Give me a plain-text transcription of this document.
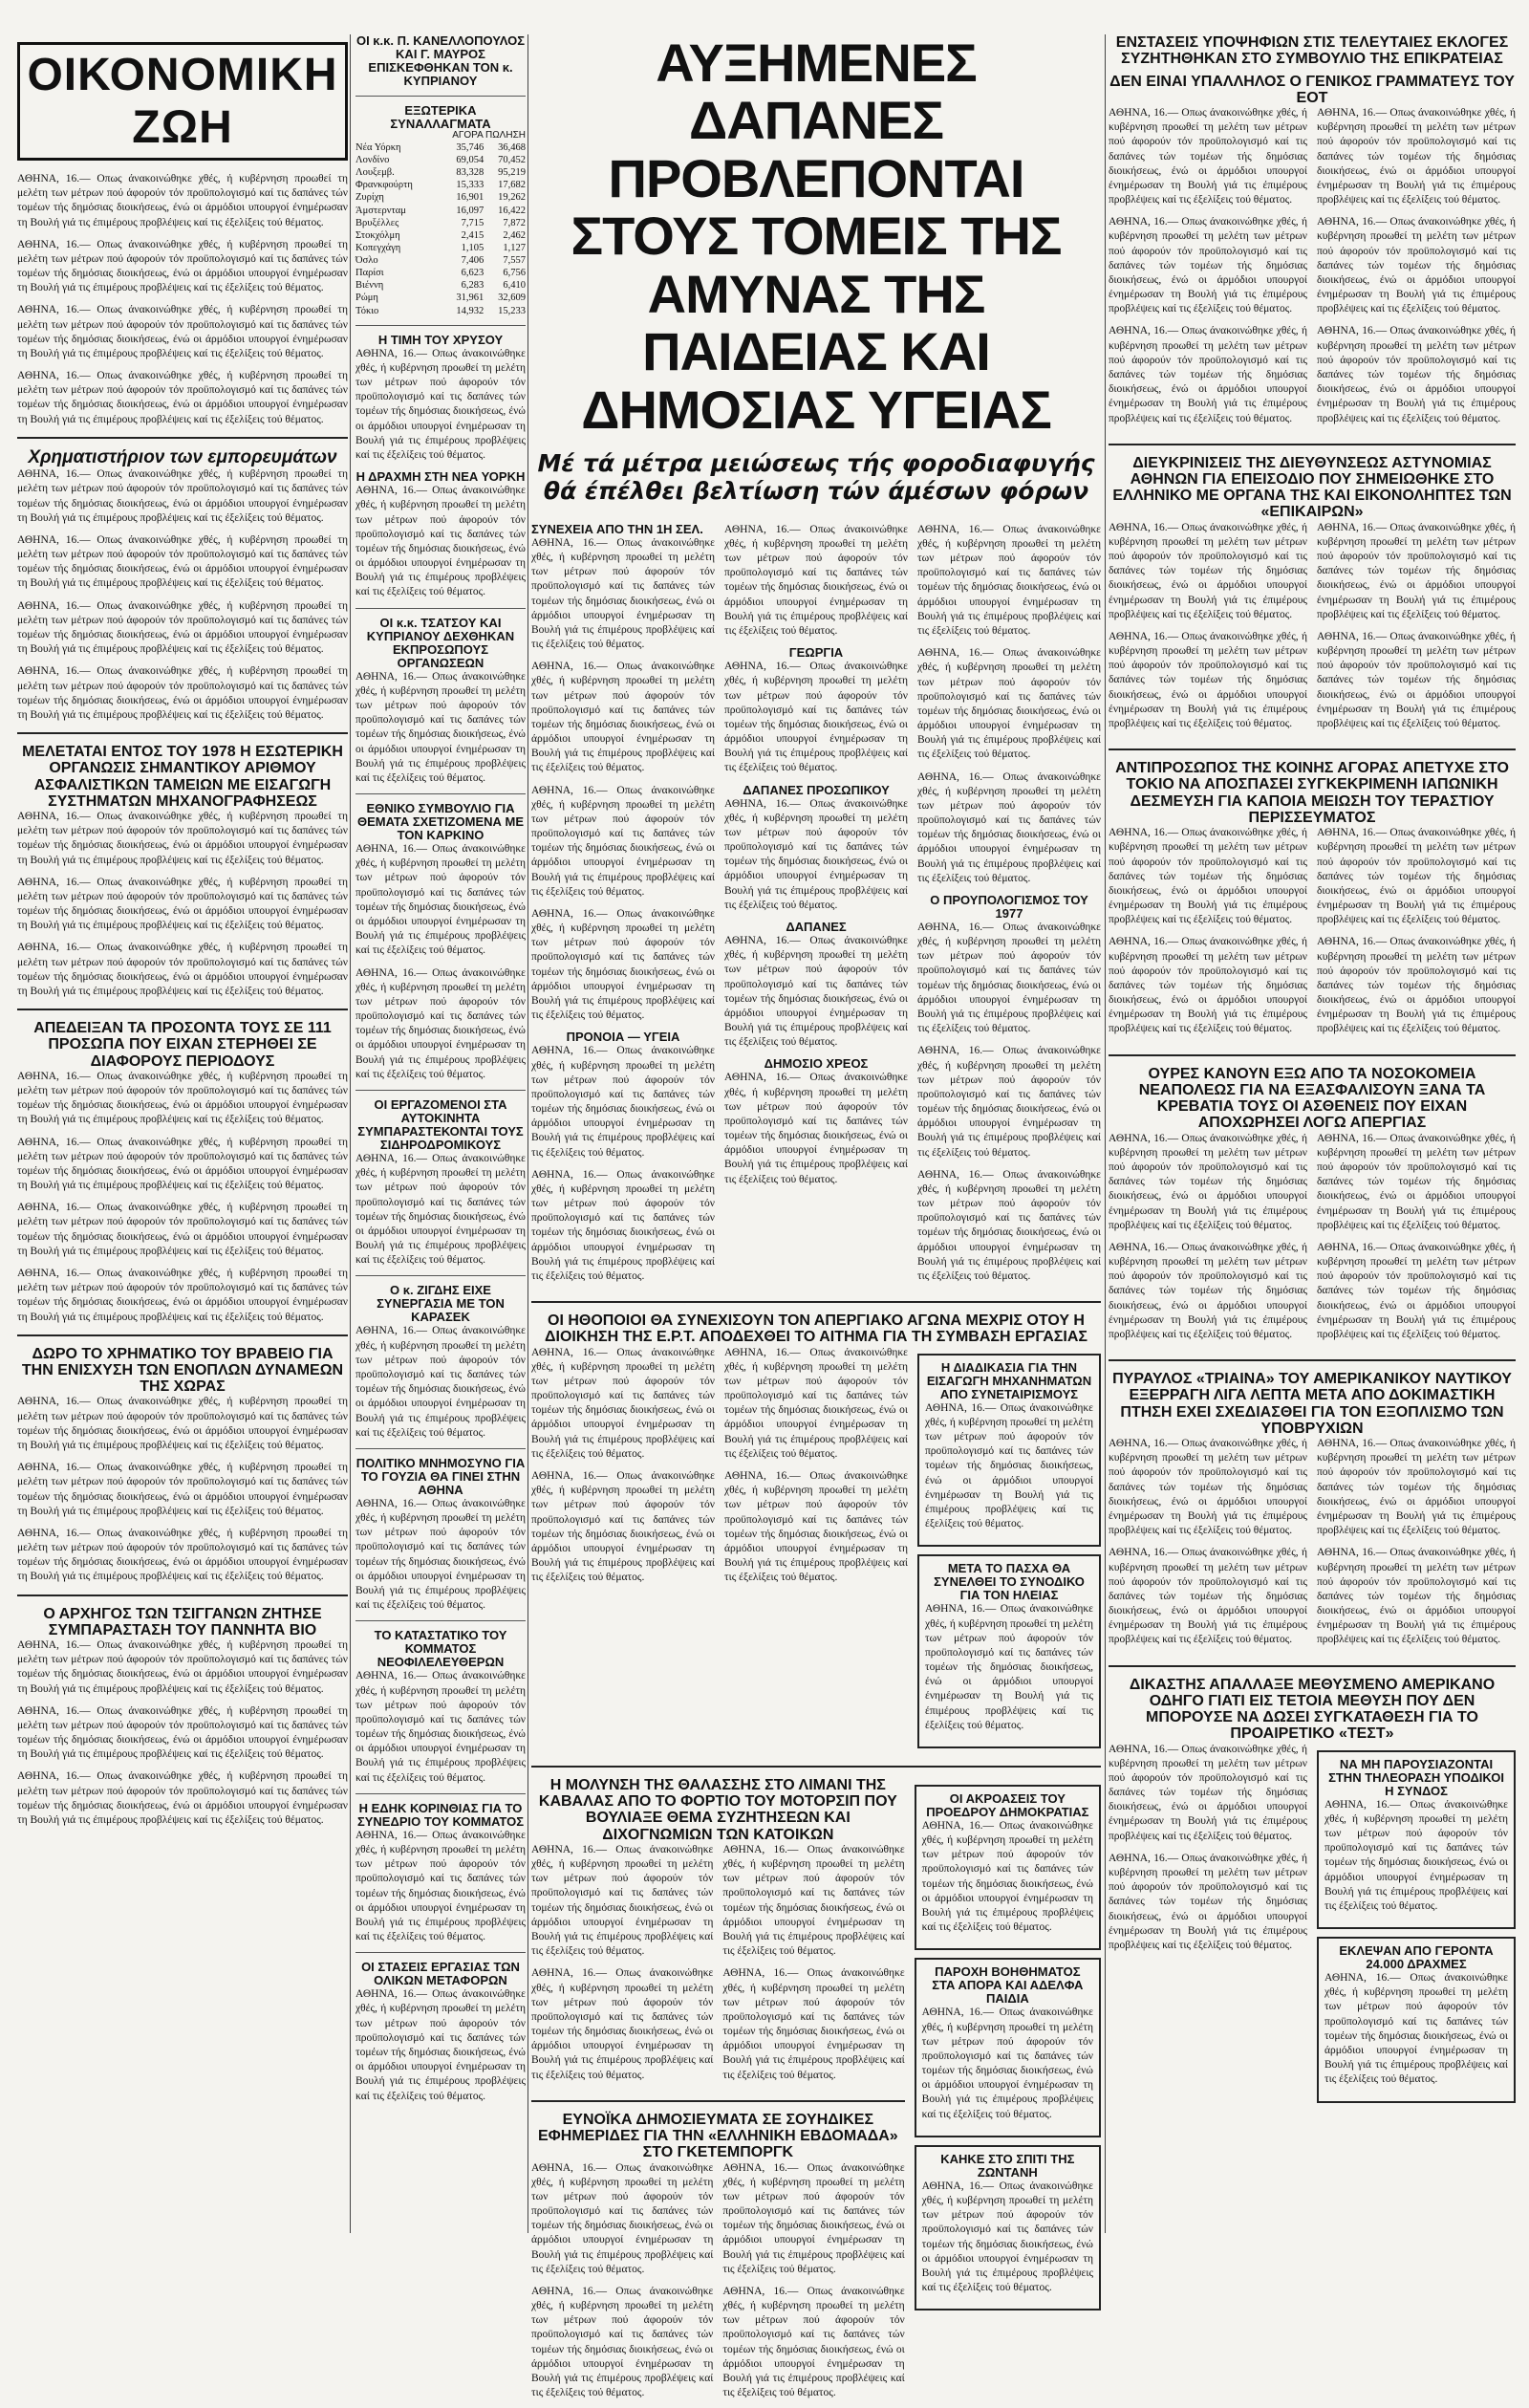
ΟΙΚΟΝΟΜΙΚΗ ΖΩΗ

ΑΘΗΝΑ, 16.— Οπως άνακοινώθηκε χθές, ή κυβέρνηση προωθεί τη μελέτη των μέτρων πού άφορούν τόν προϋπολογισμό καί τις δαπάνες τών τομέων τής δημόσιας διοικήσεως, ένώ οι άρμόδιοι υπουργοί ένημέρωσαν τη Βουλή γιά τις έπιμέρους προβλέψεις καί τις έξελίξεις τού θέματος.

ΑΘΗΝΑ, 16.— Οπως άνακοινώθηκε χθές, ή κυβέρνηση προωθεί τη μελέτη των μέτρων πού άφορούν τόν προϋπολογισμό καί τις δαπάνες τών τομέων τής δημόσιας διοικήσεως, ένώ οι άρμόδιοι υπουργοί ένημέρωσαν τη Βουλή γιά τις έπιμέρους προβλέψεις καί τις έξελίξεις τού θέματος.

ΑΘΗΝΑ, 16.— Οπως άνακοινώθηκε χθές, ή κυβέρνηση προωθεί τη μελέτη των μέτρων πού άφορούν τόν προϋπολογισμό καί τις δαπάνες τών τομέων τής δημόσιας διοικήσεως, ένώ οι άρμόδιοι υπουργοί ένημέρωσαν τη Βουλή γιά τις έπιμέρους προβλέψεις καί τις έξελίξεις τού θέματος.

ΑΘΗΝΑ, 16.— Οπως άνακοινώθηκε χθές, ή κυβέρνηση προωθεί τη μελέτη των μέτρων πού άφορούν τόν προϋπολογισμό καί τις δαπάνες τών τομέων τής δημόσιας διοικήσεως, ένώ οι άρμόδιοι υπουργοί ένημέρωσαν τη Βουλή γιά τις έπιμέρους προβλέψεις καί τις έξελίξεις τού θέματος.

Χρηματιστήριον των εμπορευμάτων

ΑΘΗΝΑ, 16.— Οπως άνακοινώθηκε χθές, ή κυβέρνηση προωθεί τη μελέτη των μέτρων πού άφορούν τόν προϋπολογισμό καί τις δαπάνες τών τομέων τής δημόσιας διοικήσεως, ένώ οι άρμόδιοι υπουργοί ένημέρωσαν τη Βουλή γιά τις έπιμέρους προβλέψεις καί τις έξελίξεις τού θέματος.

ΑΘΗΝΑ, 16.— Οπως άνακοινώθηκε χθές, ή κυβέρνηση προωθεί τη μελέτη των μέτρων πού άφορούν τόν προϋπολογισμό καί τις δαπάνες τών τομέων τής δημόσιας διοικήσεως, ένώ οι άρμόδιοι υπουργοί ένημέρωσαν τη Βουλή γιά τις έπιμέρους προβλέψεις καί τις έξελίξεις τού θέματος.

ΑΘΗΝΑ, 16.— Οπως άνακοινώθηκε χθές, ή κυβέρνηση προωθεί τη μελέτη των μέτρων πού άφορούν τόν προϋπολογισμό καί τις δαπάνες τών τομέων τής δημόσιας διοικήσεως, ένώ οι άρμόδιοι υπουργοί ένημέρωσαν τη Βουλή γιά τις έπιμέρους προβλέψεις καί τις έξελίξεις τού θέματος.

ΑΘΗΝΑ, 16.— Οπως άνακοινώθηκε χθές, ή κυβέρνηση προωθεί τη μελέτη των μέτρων πού άφορούν τόν προϋπολογισμό καί τις δαπάνες τών τομέων τής δημόσιας διοικήσεως, ένώ οι άρμόδιοι υπουργοί ένημέρωσαν τη Βουλή γιά τις έπιμέρους προβλέψεις καί τις έξελίξεις τού θέματος.

ΜΕΛΕΤΑΤΑΙ ΕΝΤΟΣ ΤΟΥ 1978 Η ΕΣΩΤΕΡΙΚΗ ΟΡΓΑΝΩΣΙΣ ΣΗΜΑΝΤΙΚΟΥ ΑΡΙΘΜΟΥ ΑΣΦΑΛΙΣΤΙΚΩΝ ΤΑΜΕΙΩΝ ΜΕ ΕΙΣΑΓΩΓΗ ΣΥΣΤΗΜΑΤΩΝ ΜΗΧΑΝΟΓΡΑΦΗΣΕΩΣ

ΑΘΗΝΑ, 16.— Οπως άνακοινώθηκε χθές, ή κυβέρνηση προωθεί τη μελέτη των μέτρων πού άφορούν τόν προϋπολογισμό καί τις δαπάνες τών τομέων τής δημόσιας διοικήσεως, ένώ οι άρμόδιοι υπουργοί ένημέρωσαν τη Βουλή γιά τις έπιμέρους προβλέψεις καί τις έξελίξεις τού θέματος.

ΑΘΗΝΑ, 16.— Οπως άνακοινώθηκε χθές, ή κυβέρνηση προωθεί τη μελέτη των μέτρων πού άφορούν τόν προϋπολογισμό καί τις δαπάνες τών τομέων τής δημόσιας διοικήσεως, ένώ οι άρμόδιοι υπουργοί ένημέρωσαν τη Βουλή γιά τις έπιμέρους προβλέψεις καί τις έξελίξεις τού θέματος.

ΑΘΗΝΑ, 16.— Οπως άνακοινώθηκε χθές, ή κυβέρνηση προωθεί τη μελέτη των μέτρων πού άφορούν τόν προϋπολογισμό καί τις δαπάνες τών τομέων τής δημόσιας διοικήσεως, ένώ οι άρμόδιοι υπουργοί ένημέρωσαν τη Βουλή γιά τις έπιμέρους προβλέψεις καί τις έξελίξεις τού θέματος.

ΑΠΕΔΕΙΞΑΝ ΤΑ ΠΡΟΣΟΝΤΑ ΤΟΥΣ ΣΕ 111 ΠΡΟΣΩΠΑ ΠΟΥ ΕΙΧΑΝ ΣΤΕΡΗΘΕΙ ΣΕ ΔΙΑΦΟΡΟΥΣ ΠΕΡΙΟΔΟΥΣ

ΑΘΗΝΑ, 16.— Οπως άνακοινώθηκε χθές, ή κυβέρνηση προωθεί τη μελέτη των μέτρων πού άφορούν τόν προϋπολογισμό καί τις δαπάνες τών τομέων τής δημόσιας διοικήσεως, ένώ οι άρμόδιοι υπουργοί ένημέρωσαν τη Βουλή γιά τις έπιμέρους προβλέψεις καί τις έξελίξεις τού θέματος.

ΑΘΗΝΑ, 16.— Οπως άνακοινώθηκε χθές, ή κυβέρνηση προωθεί τη μελέτη των μέτρων πού άφορούν τόν προϋπολογισμό καί τις δαπάνες τών τομέων τής δημόσιας διοικήσεως, ένώ οι άρμόδιοι υπουργοί ένημέρωσαν τη Βουλή γιά τις έπιμέρους προβλέψεις καί τις έξελίξεις τού θέματος.

ΑΘΗΝΑ, 16.— Οπως άνακοινώθηκε χθές, ή κυβέρνηση προωθεί τη μελέτη των μέτρων πού άφορούν τόν προϋπολογισμό καί τις δαπάνες τών τομέων τής δημόσιας διοικήσεως, ένώ οι άρμόδιοι υπουργοί ένημέρωσαν τη Βουλή γιά τις έπιμέρους προβλέψεις καί τις έξελίξεις τού θέματος.

ΑΘΗΝΑ, 16.— Οπως άνακοινώθηκε χθές, ή κυβέρνηση προωθεί τη μελέτη των μέτρων πού άφορούν τόν προϋπολογισμό καί τις δαπάνες τών τομέων τής δημόσιας διοικήσεως, ένώ οι άρμόδιοι υπουργοί ένημέρωσαν τη Βουλή γιά τις έπιμέρους προβλέψεις καί τις έξελίξεις τού θέματος.

ΔΩΡΟ ΤΟ ΧΡΗΜΑΤΙΚΟ ΤΟΥ ΒΡΑΒΕΙΟ ΓΙΑ ΤΗΝ ΕΝΙΣΧΥΣΗ ΤΩΝ ΕΝΟΠΛΩΝ ΔΥΝΑΜΕΩΝ ΤΗΣ ΧΩΡΑΣ

ΑΘΗΝΑ, 16.— Οπως άνακοινώθηκε χθές, ή κυβέρνηση προωθεί τη μελέτη των μέτρων πού άφορούν τόν προϋπολογισμό καί τις δαπάνες τών τομέων τής δημόσιας διοικήσεως, ένώ οι άρμόδιοι υπουργοί ένημέρωσαν τη Βουλή γιά τις έπιμέρους προβλέψεις καί τις έξελίξεις τού θέματος.

ΑΘΗΝΑ, 16.— Οπως άνακοινώθηκε χθές, ή κυβέρνηση προωθεί τη μελέτη των μέτρων πού άφορούν τόν προϋπολογισμό καί τις δαπάνες τών τομέων τής δημόσιας διοικήσεως, ένώ οι άρμόδιοι υπουργοί ένημέρωσαν τη Βουλή γιά τις έπιμέρους προβλέψεις καί τις έξελίξεις τού θέματος.

ΑΘΗΝΑ, 16.— Οπως άνακοινώθηκε χθές, ή κυβέρνηση προωθεί τη μελέτη των μέτρων πού άφορούν τόν προϋπολογισμό καί τις δαπάνες τών τομέων τής δημόσιας διοικήσεως, ένώ οι άρμόδιοι υπουργοί ένημέρωσαν τη Βουλή γιά τις έπιμέρους προβλέψεις καί τις έξελίξεις τού θέματος.

Ο ΑΡΧΗΓΟΣ ΤΩΝ ΤΣΙΓΓΑΝΩΝ ΖΗΤΗΣΕ ΣΥΜΠΑΡΑΣΤΑΣΗ ΤΟΥ ΠΑΝΝΗΤΑ ΒΙΟ

ΑΘΗΝΑ, 16.— Οπως άνακοινώθηκε χθές, ή κυβέρνηση προωθεί τη μελέτη των μέτρων πού άφορούν τόν προϋπολογισμό καί τις δαπάνες τών τομέων τής δημόσιας διοικήσεως, ένώ οι άρμόδιοι υπουργοί ένημέρωσαν τη Βουλή γιά τις έπιμέρους προβλέψεις καί τις έξελίξεις τού θέματος.

ΑΘΗΝΑ, 16.— Οπως άνακοινώθηκε χθές, ή κυβέρνηση προωθεί τη μελέτη των μέτρων πού άφορούν τόν προϋπολογισμό καί τις δαπάνες τών τομέων τής δημόσιας διοικήσεως, ένώ οι άρμόδιοι υπουργοί ένημέρωσαν τη Βουλή γιά τις έπιμέρους προβλέψεις καί τις έξελίξεις τού θέματος.

ΑΘΗΝΑ, 16.— Οπως άνακοινώθηκε χθές, ή κυβέρνηση προωθεί τη μελέτη των μέτρων πού άφορούν τόν προϋπολογισμό καί τις δαπάνες τών τομέων τής δημόσιας διοικήσεως, ένώ οι άρμόδιοι υπουργοί ένημέρωσαν τη Βουλή γιά τις έπιμέρους προβλέψεις καί τις έξελίξεις τού θέματος.

ΟΙ κ.κ. Π. ΚΑΝΕΛΛΟΠΟΥΛΟΣ ΚΑΙ Γ. ΜΑΥΡΟΣ ΕΠΙΣΚΕΦΘΗΚΑΝ ΤΟΝ κ. ΚΥΠΡΙΑΝΟΥ
ΕΞΩΤΕΡΙΚΑ ΣΥΝΑΛΛΑΓΜΑΤΑ
ΑΓΟΡΑ ΠΩΛΗΣΗ
Νέα Υόρκη	35,746	36,468
Λονδίνο	69,054	70,452
Λουξεμβ.	83,328	95,219
Φρανκφούρτη	15,333	17,682
Ζυρίχη	16,901	19,262
Άμστερνταμ	16,097	16,422
Βρυξέλλες	7,715	7,872
Στοκχόλμη	2,415	2,462
Κοπεγχάγη	1,105	1,127
Όσλο	7,406	7,557
Παρίσι	6,623	6,756
Βιέννη	6,283	6,410
Ρώμη	31,961	32,609
Τόκιο	14,932	15,233
Η ΤΙΜΗ ΤΟΥ ΧΡΥΣΟΥ

ΑΘΗΝΑ, 16.— Οπως άνακοινώθηκε χθές, ή κυβέρνηση προωθεί τη μελέτη των μέτρων πού άφορούν τόν προϋπολογισμό καί τις δαπάνες τών τομέων τής δημόσιας διοικήσεως, ένώ οι άρμόδιοι υπουργοί ένημέρωσαν τη Βουλή γιά τις έπιμέρους προβλέψεις καί τις έξελίξεις τού θέματος.

Η ΔΡΑΧΜΗ ΣΤΗ ΝΕΑ ΥΟΡΚΗ

ΑΘΗΝΑ, 16.— Οπως άνακοινώθηκε χθές, ή κυβέρνηση προωθεί τη μελέτη των μέτρων πού άφορούν τόν προϋπολογισμό καί τις δαπάνες τών τομέων τής δημόσιας διοικήσεως, ένώ οι άρμόδιοι υπουργοί ένημέρωσαν τη Βουλή γιά τις έπιμέρους προβλέψεις καί τις έξελίξεις τού θέματος.

ΟΙ κ.κ. ΤΣΑΤΣΟΥ ΚΑΙ ΚΥΠΡΙΑΝΟΥ ΔΕΧΘΗΚΑΝ ΕΚΠΡΟΣΩΠΟΥΣ ΟΡΓΑΝΩΣΕΩΝ

ΑΘΗΝΑ, 16.— Οπως άνακοινώθηκε χθές, ή κυβέρνηση προωθεί τη μελέτη των μέτρων πού άφορούν τόν προϋπολογισμό καί τις δαπάνες τών τομέων τής δημόσιας διοικήσεως, ένώ οι άρμόδιοι υπουργοί ένημέρωσαν τη Βουλή γιά τις έπιμέρους προβλέψεις καί τις έξελίξεις τού θέματος.

ΕΘΝΙΚΟ ΣΥΜΒΟΥΛΙΟ ΓΙΑ ΘΕΜΑΤΑ ΣΧΕΤΙΖΟΜΕΝΑ ΜΕ ΤΟΝ ΚΑΡΚΙΝΟ

ΑΘΗΝΑ, 16.— Οπως άνακοινώθηκε χθές, ή κυβέρνηση προωθεί τη μελέτη των μέτρων πού άφορούν τόν προϋπολογισμό καί τις δαπάνες τών τομέων τής δημόσιας διοικήσεως, ένώ οι άρμόδιοι υπουργοί ένημέρωσαν τη Βουλή γιά τις έπιμέρους προβλέψεις καί τις έξελίξεις τού θέματος.

ΑΘΗΝΑ, 16.— Οπως άνακοινώθηκε χθές, ή κυβέρνηση προωθεί τη μελέτη των μέτρων πού άφορούν τόν προϋπολογισμό καί τις δαπάνες τών τομέων τής δημόσιας διοικήσεως, ένώ οι άρμόδιοι υπουργοί ένημέρωσαν τη Βουλή γιά τις έπιμέρους προβλέψεις καί τις έξελίξεις τού θέματος.

ΟΙ ΕΡΓΑΖΟΜΕΝΟΙ ΣΤΑ ΑΥΤΟΚΙΝΗΤΑ ΣΥΜΠΑΡΑΣΤΕΚΟΝΤΑΙ ΤΟΥΣ ΣΙΔΗΡΟΔΡΟΜΙΚΟΥΣ

ΑΘΗΝΑ, 16.— Οπως άνακοινώθηκε χθές, ή κυβέρνηση προωθεί τη μελέτη των μέτρων πού άφορούν τόν προϋπολογισμό καί τις δαπάνες τών τομέων τής δημόσιας διοικήσεως, ένώ οι άρμόδιοι υπουργοί ένημέρωσαν τη Βουλή γιά τις έπιμέρους προβλέψεις καί τις έξελίξεις τού θέματος.

Ο κ. ΖΙΓΔΗΣ ΕΙΧΕ ΣΥΝΕΡΓΑΣΙΑ ΜΕ ΤΟΝ ΚΑΡΑΣΕΚ

ΑΘΗΝΑ, 16.— Οπως άνακοινώθηκε χθές, ή κυβέρνηση προωθεί τη μελέτη των μέτρων πού άφορούν τόν προϋπολογισμό καί τις δαπάνες τών τομέων τής δημόσιας διοικήσεως, ένώ οι άρμόδιοι υπουργοί ένημέρωσαν τη Βουλή γιά τις έπιμέρους προβλέψεις καί τις έξελίξεις τού θέματος.

ΠΟΛΙΤΙΚΟ ΜΝΗΜΟΣΥΝΟ ΓΙΑ ΤΟ ΓΟΥΖΙΑ ΘΑ ΓΙΝΕΙ ΣΤΗΝ ΑΘΗΝΑ

ΑΘΗΝΑ, 16.— Οπως άνακοινώθηκε χθές, ή κυβέρνηση προωθεί τη μελέτη των μέτρων πού άφορούν τόν προϋπολογισμό καί τις δαπάνες τών τομέων τής δημόσιας διοικήσεως, ένώ οι άρμόδιοι υπουργοί ένημέρωσαν τη Βουλή γιά τις έπιμέρους προβλέψεις καί τις έξελίξεις τού θέματος.

ΤΟ ΚΑΤΑΣΤΑΤΙΚΟ ΤΟΥ ΚΟΜΜΑΤΟΣ ΝΕΟΦΙΛΕΛΕΥΘΕΡΩΝ

ΑΘΗΝΑ, 16.— Οπως άνακοινώθηκε χθές, ή κυβέρνηση προωθεί τη μελέτη των μέτρων πού άφορούν τόν προϋπολογισμό καί τις δαπάνες τών τομέων τής δημόσιας διοικήσεως, ένώ οι άρμόδιοι υπουργοί ένημέρωσαν τη Βουλή γιά τις έπιμέρους προβλέψεις καί τις έξελίξεις τού θέματος.

Η ΕΔΗΚ ΚΟΡΙΝΘΙΑΣ ΓΙΑ ΤΟ ΣΥΝΕΔΡΙΟ ΤΟΥ ΚΟΜΜΑΤΟΣ

ΑΘΗΝΑ, 16.— Οπως άνακοινώθηκε χθές, ή κυβέρνηση προωθεί τη μελέτη των μέτρων πού άφορούν τόν προϋπολογισμό καί τις δαπάνες τών τομέων τής δημόσιας διοικήσεως, ένώ οι άρμόδιοι υπουργοί ένημέρωσαν τη Βουλή γιά τις έπιμέρους προβλέψεις καί τις έξελίξεις τού θέματος.

ΟΙ ΣΤΑΣΕΙΣ ΕΡΓΑΣΙΑΣ ΤΩΝ ΟΛΙΚΩΝ ΜΕΤΑΦΟΡΩΝ

ΑΘΗΝΑ, 16.— Οπως άνακοινώθηκε χθές, ή κυβέρνηση προωθεί τη μελέτη των μέτρων πού άφορούν τόν προϋπολογισμό καί τις δαπάνες τών τομέων τής δημόσιας διοικήσεως, ένώ οι άρμόδιοι υπουργοί ένημέρωσαν τη Βουλή γιά τις έπιμέρους προβλέψεις καί τις έξελίξεις τού θέματος.

ΑΥΞΗΜΕΝΕΣ ΔΑΠΑΝΕΣ ΠΡΟΒΛΕΠΟΝΤΑΙ ΣΤΟΥΣ ΤΟΜΕΙΣ ΤΗΣ ΑΜΥΝΑΣ ΤΗΣ ΠΑΙΔΕΙΑΣ ΚΑΙ ΔΗΜΟΣΙΑΣ ΥΓΕΙΑΣ
Μέ τά μέτρα μειώσεως τής φοροδιαφυγής θά έπέλθει βελτίωση τών άμέσων φόρων
ΣΥΝΕΧΕΙΑ ΑΠΟ ΤΗΝ 1Η ΣΕΛ.

ΑΘΗΝΑ, 16.— Οπως άνακοινώθηκε χθές, ή κυβέρνηση προωθεί τη μελέτη των μέτρων πού άφορούν τόν προϋπολογισμό καί τις δαπάνες τών τομέων τής δημόσιας διοικήσεως, ένώ οι άρμόδιοι υπουργοί ένημέρωσαν τη Βουλή γιά τις έπιμέρους προβλέψεις καί τις έξελίξεις τού θέματος.

ΑΘΗΝΑ, 16.— Οπως άνακοινώθηκε χθές, ή κυβέρνηση προωθεί τη μελέτη των μέτρων πού άφορούν τόν προϋπολογισμό καί τις δαπάνες τών τομέων τής δημόσιας διοικήσεως, ένώ οι άρμόδιοι υπουργοί ένημέρωσαν τη Βουλή γιά τις έπιμέρους προβλέψεις καί τις έξελίξεις τού θέματος.

ΑΘΗΝΑ, 16.— Οπως άνακοινώθηκε χθές, ή κυβέρνηση προωθεί τη μελέτη των μέτρων πού άφορούν τόν προϋπολογισμό καί τις δαπάνες τών τομέων τής δημόσιας διοικήσεως, ένώ οι άρμόδιοι υπουργοί ένημέρωσαν τη Βουλή γιά τις έπιμέρους προβλέψεις καί τις έξελίξεις τού θέματος.

ΑΘΗΝΑ, 16.— Οπως άνακοινώθηκε χθές, ή κυβέρνηση προωθεί τη μελέτη των μέτρων πού άφορούν τόν προϋπολογισμό καί τις δαπάνες τών τομέων τής δημόσιας διοικήσεως, ένώ οι άρμόδιοι υπουργοί ένημέρωσαν τη Βουλή γιά τις έπιμέρους προβλέψεις καί τις έξελίξεις τού θέματος.

ΠΡΟΝΟΙΑ — ΥΓΕΙΑ

ΑΘΗΝΑ, 16.— Οπως άνακοινώθηκε χθές, ή κυβέρνηση προωθεί τη μελέτη των μέτρων πού άφορούν τόν προϋπολογισμό καί τις δαπάνες τών τομέων τής δημόσιας διοικήσεως, ένώ οι άρμόδιοι υπουργοί ένημέρωσαν τη Βουλή γιά τις έπιμέρους προβλέψεις καί τις έξελίξεις τού θέματος.

ΑΘΗΝΑ, 16.— Οπως άνακοινώθηκε χθές, ή κυβέρνηση προωθεί τη μελέτη των μέτρων πού άφορούν τόν προϋπολογισμό καί τις δαπάνες τών τομέων τής δημόσιας διοικήσεως, ένώ οι άρμόδιοι υπουργοί ένημέρωσαν τη Βουλή γιά τις έπιμέρους προβλέψεις καί τις έξελίξεις τού θέματος.

ΑΘΗΝΑ, 16.— Οπως άνακοινώθηκε χθές, ή κυβέρνηση προωθεί τη μελέτη των μέτρων πού άφορούν τόν προϋπολογισμό καί τις δαπάνες τών τομέων τής δημόσιας διοικήσεως, ένώ οι άρμόδιοι υπουργοί ένημέρωσαν τη Βουλή γιά τις έπιμέρους προβλέψεις καί τις έξελίξεις τού θέματος.

ΓΕΩΡΓΙΑ

ΑΘΗΝΑ, 16.— Οπως άνακοινώθηκε χθές, ή κυβέρνηση προωθεί τη μελέτη των μέτρων πού άφορούν τόν προϋπολογισμό καί τις δαπάνες τών τομέων τής δημόσιας διοικήσεως, ένώ οι άρμόδιοι υπουργοί ένημέρωσαν τη Βουλή γιά τις έπιμέρους προβλέψεις καί τις έξελίξεις τού θέματος.

ΔΑΠΑΝΕΣ ΠΡΟΣΩΠΙΚΟΥ

ΑΘΗΝΑ, 16.— Οπως άνακοινώθηκε χθές, ή κυβέρνηση προωθεί τη μελέτη των μέτρων πού άφορούν τόν προϋπολογισμό καί τις δαπάνες τών τομέων τής δημόσιας διοικήσεως, ένώ οι άρμόδιοι υπουργοί ένημέρωσαν τη Βουλή γιά τις έπιμέρους προβλέψεις καί τις έξελίξεις τού θέματος.

ΔΑΠΑΝΕΣ

ΑΘΗΝΑ, 16.— Οπως άνακοινώθηκε χθές, ή κυβέρνηση προωθεί τη μελέτη των μέτρων πού άφορούν τόν προϋπολογισμό καί τις δαπάνες τών τομέων τής δημόσιας διοικήσεως, ένώ οι άρμόδιοι υπουργοί ένημέρωσαν τη Βουλή γιά τις έπιμέρους προβλέψεις καί τις έξελίξεις τού θέματος.

ΔΗΜΟΣΙΟ ΧΡΕΟΣ

ΑΘΗΝΑ, 16.— Οπως άνακοινώθηκε χθές, ή κυβέρνηση προωθεί τη μελέτη των μέτρων πού άφορούν τόν προϋπολογισμό καί τις δαπάνες τών τομέων τής δημόσιας διοικήσεως, ένώ οι άρμόδιοι υπουργοί ένημέρωσαν τη Βουλή γιά τις έπιμέρους προβλέψεις καί τις έξελίξεις τού θέματος.

ΑΘΗΝΑ, 16.— Οπως άνακοινώθηκε χθές, ή κυβέρνηση προωθεί τη μελέτη των μέτρων πού άφορούν τόν προϋπολογισμό καί τις δαπάνες τών τομέων τής δημόσιας διοικήσεως, ένώ οι άρμόδιοι υπουργοί ένημέρωσαν τη Βουλή γιά τις έπιμέρους προβλέψεις καί τις έξελίξεις τού θέματος.

ΑΘΗΝΑ, 16.— Οπως άνακοινώθηκε χθές, ή κυβέρνηση προωθεί τη μελέτη των μέτρων πού άφορούν τόν προϋπολογισμό καί τις δαπάνες τών τομέων τής δημόσιας διοικήσεως, ένώ οι άρμόδιοι υπουργοί ένημέρωσαν τη Βουλή γιά τις έπιμέρους προβλέψεις καί τις έξελίξεις τού θέματος.

ΑΘΗΝΑ, 16.— Οπως άνακοινώθηκε χθές, ή κυβέρνηση προωθεί τη μελέτη των μέτρων πού άφορούν τόν προϋπολογισμό καί τις δαπάνες τών τομέων τής δημόσιας διοικήσεως, ένώ οι άρμόδιοι υπουργοί ένημέρωσαν τη Βουλή γιά τις έπιμέρους προβλέψεις καί τις έξελίξεις τού θέματος.

Ο ΠΡΟΥΠΟΛΟΓΙΣΜΟΣ ΤΟΥ 1977

ΑΘΗΝΑ, 16.— Οπως άνακοινώθηκε χθές, ή κυβέρνηση προωθεί τη μελέτη των μέτρων πού άφορούν τόν προϋπολογισμό καί τις δαπάνες τών τομέων τής δημόσιας διοικήσεως, ένώ οι άρμόδιοι υπουργοί ένημέρωσαν τη Βουλή γιά τις έπιμέρους προβλέψεις καί τις έξελίξεις τού θέματος.

ΑΘΗΝΑ, 16.— Οπως άνακοινώθηκε χθές, ή κυβέρνηση προωθεί τη μελέτη των μέτρων πού άφορούν τόν προϋπολογισμό καί τις δαπάνες τών τομέων τής δημόσιας διοικήσεως, ένώ οι άρμόδιοι υπουργοί ένημέρωσαν τη Βουλή γιά τις έπιμέρους προβλέψεις καί τις έξελίξεις τού θέματος.

ΑΘΗΝΑ, 16.— Οπως άνακοινώθηκε χθές, ή κυβέρνηση προωθεί τη μελέτη των μέτρων πού άφορούν τόν προϋπολογισμό καί τις δαπάνες τών τομέων τής δημόσιας διοικήσεως, ένώ οι άρμόδιοι υπουργοί ένημέρωσαν τη Βουλή γιά τις έπιμέρους προβλέψεις καί τις έξελίξεις τού θέματος.

ΟΙ ΗΘΟΠΟΙΟΙ ΘΑ ΣΥΝΕΧΙΣΟΥΝ ΤΟΝ ΑΠΕΡΓΙΑΚΟ ΑΓΩΝΑ ΜΕΧΡΙΣ ΟΤΟΥ Η ΔΙΟΙΚΗΣΗ ΤΗΣ Ε.Ρ.Τ. ΑΠΟΔΕΧΘΕΙ ΤΟ ΑΙΤΗΜΑ ΓΙΑ ΤΗ ΣΥΜΒΑΣΗ ΕΡΓΑΣΙΑΣ

ΑΘΗΝΑ, 16.— Οπως άνακοινώθηκε χθές, ή κυβέρνηση προωθεί τη μελέτη των μέτρων πού άφορούν τόν προϋπολογισμό καί τις δαπάνες τών τομέων τής δημόσιας διοικήσεως, ένώ οι άρμόδιοι υπουργοί ένημέρωσαν τη Βουλή γιά τις έπιμέρους προβλέψεις καί τις έξελίξεις τού θέματος.

ΑΘΗΝΑ, 16.— Οπως άνακοινώθηκε χθές, ή κυβέρνηση προωθεί τη μελέτη των μέτρων πού άφορούν τόν προϋπολογισμό καί τις δαπάνες τών τομέων τής δημόσιας διοικήσεως, ένώ οι άρμόδιοι υπουργοί ένημέρωσαν τη Βουλή γιά τις έπιμέρους προβλέψεις καί τις έξελίξεις τού θέματος.

ΑΘΗΝΑ, 16.— Οπως άνακοινώθηκε χθές, ή κυβέρνηση προωθεί τη μελέτη των μέτρων πού άφορούν τόν προϋπολογισμό καί τις δαπάνες τών τομέων τής δημόσιας διοικήσεως, ένώ οι άρμόδιοι υπουργοί ένημέρωσαν τη Βουλή γιά τις έπιμέρους προβλέψεις καί τις έξελίξεις τού θέματος.

ΑΘΗΝΑ, 16.— Οπως άνακοινώθηκε χθές, ή κυβέρνηση προωθεί τη μελέτη των μέτρων πού άφορούν τόν προϋπολογισμό καί τις δαπάνες τών τομέων τής δημόσιας διοικήσεως, ένώ οι άρμόδιοι υπουργοί ένημέρωσαν τη Βουλή γιά τις έπιμέρους προβλέψεις καί τις έξελίξεις τού θέματος.

Η ΔΙΑΔΙΚΑΣΙΑ ΓΙΑ ΤΗΝ ΕΙΣΑΓΩΓΗ ΜΗΧΑΝΗΜΑΤΩΝ ΑΠΟ ΣΥΝΕΤΑΙΡΙΣΜΟΥΣ

ΑΘΗΝΑ, 16.— Οπως άνακοινώθηκε χθές, ή κυβέρνηση προωθεί τη μελέτη των μέτρων πού άφορούν τόν προϋπολογισμό καί τις δαπάνες τών τομέων τής δημόσιας διοικήσεως, ένώ οι άρμόδιοι υπουργοί ένημέρωσαν τη Βουλή γιά τις έπιμέρους προβλέψεις καί τις έξελίξεις τού θέματος.

ΜΕΤΑ ΤΟ ΠΑΣΧΑ ΘΑ ΣΥΝΕΛΘΕΙ ΤΟ ΣΥΝΟΔΙΚΟ ΓΙΑ ΤΟΝ ΗΛΕΙΑΣ

ΑΘΗΝΑ, 16.— Οπως άνακοινώθηκε χθές, ή κυβέρνηση προωθεί τη μελέτη των μέτρων πού άφορούν τόν προϋπολογισμό καί τις δαπάνες τών τομέων τής δημόσιας διοικήσεως, ένώ οι άρμόδιοι υπουργοί ένημέρωσαν τη Βουλή γιά τις έπιμέρους προβλέψεις καί τις έξελίξεις τού θέματος.

Η ΜΟΛΥΝΣΗ ΤΗΣ ΘΑΛΑΣΣΗΣ ΣΤΟ ΛΙΜΑΝΙ ΤΗΣ ΚΑΒΑΛΑΣ ΑΠΟ ΤΟ ΦΟΡΤΙΟ ΤΟΥ ΜΟΤΟΡΣΙΠ ΠΟΥ ΒΟΥΛΙΑΞΕ ΘΕΜΑ ΣΥΖΗΤΗΣΕΩΝ ΚΑΙ ΔΙΧΟΓΝΩΜΙΩΝ ΤΩΝ ΚΑΤΟΙΚΩΝ

ΑΘΗΝΑ, 16.— Οπως άνακοινώθηκε χθές, ή κυβέρνηση προωθεί τη μελέτη των μέτρων πού άφορούν τόν προϋπολογισμό καί τις δαπάνες τών τομέων τής δημόσιας διοικήσεως, ένώ οι άρμόδιοι υπουργοί ένημέρωσαν τη Βουλή γιά τις έπιμέρους προβλέψεις καί τις έξελίξεις τού θέματος.

ΑΘΗΝΑ, 16.— Οπως άνακοινώθηκε χθές, ή κυβέρνηση προωθεί τη μελέτη των μέτρων πού άφορούν τόν προϋπολογισμό καί τις δαπάνες τών τομέων τής δημόσιας διοικήσεως, ένώ οι άρμόδιοι υπουργοί ένημέρωσαν τη Βουλή γιά τις έπιμέρους προβλέψεις καί τις έξελίξεις τού θέματος.

ΑΘΗΝΑ, 16.— Οπως άνακοινώθηκε χθές, ή κυβέρνηση προωθεί τη μελέτη των μέτρων πού άφορούν τόν προϋπολογισμό καί τις δαπάνες τών τομέων τής δημόσιας διοικήσεως, ένώ οι άρμόδιοι υπουργοί ένημέρωσαν τη Βουλή γιά τις έπιμέρους προβλέψεις καί τις έξελίξεις τού θέματος.

ΑΘΗΝΑ, 16.— Οπως άνακοινώθηκε χθές, ή κυβέρνηση προωθεί τη μελέτη των μέτρων πού άφορούν τόν προϋπολογισμό καί τις δαπάνες τών τομέων τής δημόσιας διοικήσεως, ένώ οι άρμόδιοι υπουργοί ένημέρωσαν τη Βουλή γιά τις έπιμέρους προβλέψεις καί τις έξελίξεις τού θέματος.

ΕΥΝΟΪΚΑ ΔΗΜΟΣΙΕΥΜΑΤΑ ΣΕ ΣΟΥΗΔΙΚΕΣ ΕΦΗΜΕΡΙΔΕΣ ΓΙΑ ΤΗΝ «ΕΛΛΗΝΙΚΗ ΕΒΔΟΜΑΔΑ» ΣΤΟ ΓΚΕΤΕΜΠΟΡΓΚ

ΑΘΗΝΑ, 16.— Οπως άνακοινώθηκε χθές, ή κυβέρνηση προωθεί τη μελέτη των μέτρων πού άφορούν τόν προϋπολογισμό καί τις δαπάνες τών τομέων τής δημόσιας διοικήσεως, ένώ οι άρμόδιοι υπουργοί ένημέρωσαν τη Βουλή γιά τις έπιμέρους προβλέψεις καί τις έξελίξεις τού θέματος.

ΑΘΗΝΑ, 16.— Οπως άνακοινώθηκε χθές, ή κυβέρνηση προωθεί τη μελέτη των μέτρων πού άφορούν τόν προϋπολογισμό καί τις δαπάνες τών τομέων τής δημόσιας διοικήσεως, ένώ οι άρμόδιοι υπουργοί ένημέρωσαν τη Βουλή γιά τις έπιμέρους προβλέψεις καί τις έξελίξεις τού θέματος.

ΑΘΗΝΑ, 16.— Οπως άνακοινώθηκε χθές, ή κυβέρνηση προωθεί τη μελέτη των μέτρων πού άφορούν τόν προϋπολογισμό καί τις δαπάνες τών τομέων τής δημόσιας διοικήσεως, ένώ οι άρμόδιοι υπουργοί ένημέρωσαν τη Βουλή γιά τις έπιμέρους προβλέψεις καί τις έξελίξεις τού θέματος.

ΑΘΗΝΑ, 16.— Οπως άνακοινώθηκε χθές, ή κυβέρνηση προωθεί τη μελέτη των μέτρων πού άφορούν τόν προϋπολογισμό καί τις δαπάνες τών τομέων τής δημόσιας διοικήσεως, ένώ οι άρμόδιοι υπουργοί ένημέρωσαν τη Βουλή γιά τις έπιμέρους προβλέψεις καί τις έξελίξεις τού θέματος.

ΟΙ ΑΚΡΟΑΣΕΙΣ ΤΟΥ ΠΡΟΕΔΡΟΥ ΔΗΜΟΚΡΑΤΙΑΣ

ΑΘΗΝΑ, 16.— Οπως άνακοινώθηκε χθές, ή κυβέρνηση προωθεί τη μελέτη των μέτρων πού άφορούν τόν προϋπολογισμό καί τις δαπάνες τών τομέων τής δημόσιας διοικήσεως, ένώ οι άρμόδιοι υπουργοί ένημέρωσαν τη Βουλή γιά τις έπιμέρους προβλέψεις καί τις έξελίξεις τού θέματος.

ΠΑΡΟΧΗ ΒΟΗΘΗΜΑΤΟΣ ΣΤΑ ΑΠΟΡΑ ΚΑΙ ΑΔΕΛΦΑ ΠΑΙΔΙΑ

ΑΘΗΝΑ, 16.— Οπως άνακοινώθηκε χθές, ή κυβέρνηση προωθεί τη μελέτη των μέτρων πού άφορούν τόν προϋπολογισμό καί τις δαπάνες τών τομέων τής δημόσιας διοικήσεως, ένώ οι άρμόδιοι υπουργοί ένημέρωσαν τη Βουλή γιά τις έπιμέρους προβλέψεις καί τις έξελίξεις τού θέματος.

ΚΑΗΚΕ ΣΤΟ ΣΠΙΤΙ ΤΗΣ ΖΩΝΤΑΝΗ

ΑΘΗΝΑ, 16.— Οπως άνακοινώθηκε χθές, ή κυβέρνηση προωθεί τη μελέτη των μέτρων πού άφορούν τόν προϋπολογισμό καί τις δαπάνες τών τομέων τής δημόσιας διοικήσεως, ένώ οι άρμόδιοι υπουργοί ένημέρωσαν τη Βουλή γιά τις έπιμέρους προβλέψεις καί τις έξελίξεις τού θέματος.

ΕΝΣΤΑΣΕΙΣ ΥΠΟΨΗΦΙΩΝ ΣΤΙΣ ΤΕΛΕΥΤΑΙΕΣ ΕΚΛΟΓΕΣ ΣΥΖΗΤΗΘΗΚΑΝ ΣΤΟ ΣΥΜΒΟΥΛΙΟ ΤΗΣ ΕΠΙΚΡΑΤΕΙΑΣ
ΔΕΝ ΕΙΝΑΙ ΥΠΑΛΛΗΛΟΣ Ο ΓΕΝΙΚΟΣ ΓΡΑΜΜΑΤΕΥΣ ΤΟΥ ΕΟΤ

ΑΘΗΝΑ, 16.— Οπως άνακοινώθηκε χθές, ή κυβέρνηση προωθεί τη μελέτη των μέτρων πού άφορούν τόν προϋπολογισμό καί τις δαπάνες τών τομέων τής δημόσιας διοικήσεως, ένώ οι άρμόδιοι υπουργοί ένημέρωσαν τη Βουλή γιά τις έπιμέρους προβλέψεις καί τις έξελίξεις τού θέματος.

ΑΘΗΝΑ, 16.— Οπως άνακοινώθηκε χθές, ή κυβέρνηση προωθεί τη μελέτη των μέτρων πού άφορούν τόν προϋπολογισμό καί τις δαπάνες τών τομέων τής δημόσιας διοικήσεως, ένώ οι άρμόδιοι υπουργοί ένημέρωσαν τη Βουλή γιά τις έπιμέρους προβλέψεις καί τις έξελίξεις τού θέματος.

ΑΘΗΝΑ, 16.— Οπως άνακοινώθηκε χθές, ή κυβέρνηση προωθεί τη μελέτη των μέτρων πού άφορούν τόν προϋπολογισμό καί τις δαπάνες τών τομέων τής δημόσιας διοικήσεως, ένώ οι άρμόδιοι υπουργοί ένημέρωσαν τη Βουλή γιά τις έπιμέρους προβλέψεις καί τις έξελίξεις τού θέματος.

ΑΘΗΝΑ, 16.— Οπως άνακοινώθηκε χθές, ή κυβέρνηση προωθεί τη μελέτη των μέτρων πού άφορούν τόν προϋπολογισμό καί τις δαπάνες τών τομέων τής δημόσιας διοικήσεως, ένώ οι άρμόδιοι υπουργοί ένημέρωσαν τη Βουλή γιά τις έπιμέρους προβλέψεις καί τις έξελίξεις τού θέματος.

ΑΘΗΝΑ, 16.— Οπως άνακοινώθηκε χθές, ή κυβέρνηση προωθεί τη μελέτη των μέτρων πού άφορούν τόν προϋπολογισμό καί τις δαπάνες τών τομέων τής δημόσιας διοικήσεως, ένώ οι άρμόδιοι υπουργοί ένημέρωσαν τη Βουλή γιά τις έπιμέρους προβλέψεις καί τις έξελίξεις τού θέματος.

ΑΘΗΝΑ, 16.— Οπως άνακοινώθηκε χθές, ή κυβέρνηση προωθεί τη μελέτη των μέτρων πού άφορούν τόν προϋπολογισμό καί τις δαπάνες τών τομέων τής δημόσιας διοικήσεως, ένώ οι άρμόδιοι υπουργοί ένημέρωσαν τη Βουλή γιά τις έπιμέρους προβλέψεις καί τις έξελίξεις τού θέματος.

ΔΙΕΥΚΡΙΝΙΣΕΙΣ ΤΗΣ ΔΙΕΥΘΥΝΣΕΩΣ ΑΣΤΥΝΟΜΙΑΣ ΑΘΗΝΩΝ ΓΙΑ ΕΠΕΙΣΟΔΙΟ ΠΟΥ ΣΗΜΕΙΩΘΗΚΕ ΣΤΟ ΕΛΛΗΝΙΚΟ ΜΕ ΟΡΓΑΝΑ ΤΗΣ ΚΑΙ ΕΙΚΟΝΟΛΗΠΤΕΣ ΤΩΝ «ΕΠΙΚΑΙΡΩΝ»

ΑΘΗΝΑ, 16.— Οπως άνακοινώθηκε χθές, ή κυβέρνηση προωθεί τη μελέτη των μέτρων πού άφορούν τόν προϋπολογισμό καί τις δαπάνες τών τομέων τής δημόσιας διοικήσεως, ένώ οι άρμόδιοι υπουργοί ένημέρωσαν τη Βουλή γιά τις έπιμέρους προβλέψεις καί τις έξελίξεις τού θέματος.

ΑΘΗΝΑ, 16.— Οπως άνακοινώθηκε χθές, ή κυβέρνηση προωθεί τη μελέτη των μέτρων πού άφορούν τόν προϋπολογισμό καί τις δαπάνες τών τομέων τής δημόσιας διοικήσεως, ένώ οι άρμόδιοι υπουργοί ένημέρωσαν τη Βουλή γιά τις έπιμέρους προβλέψεις καί τις έξελίξεις τού θέματος.

ΑΘΗΝΑ, 16.— Οπως άνακοινώθηκε χθές, ή κυβέρνηση προωθεί τη μελέτη των μέτρων πού άφορούν τόν προϋπολογισμό καί τις δαπάνες τών τομέων τής δημόσιας διοικήσεως, ένώ οι άρμόδιοι υπουργοί ένημέρωσαν τη Βουλή γιά τις έπιμέρους προβλέψεις καί τις έξελίξεις τού θέματος.

ΑΘΗΝΑ, 16.— Οπως άνακοινώθηκε χθές, ή κυβέρνηση προωθεί τη μελέτη των μέτρων πού άφορούν τόν προϋπολογισμό καί τις δαπάνες τών τομέων τής δημόσιας διοικήσεως, ένώ οι άρμόδιοι υπουργοί ένημέρωσαν τη Βουλή γιά τις έπιμέρους προβλέψεις καί τις έξελίξεις τού θέματος.

ΑΝΤΙΠΡΟΣΩΠΟΣ ΤΗΣ ΚΟΙΝΗΣ ΑΓΟΡΑΣ ΑΠΕΤΥΧΕ ΣΤΟ ΤΟΚΙΟ ΝΑ ΑΠΟΣΠΑΣΕΙ ΣΥΓΚΕΚΡΙΜΕΝΗ ΙΑΠΩΝΙΚΗ ΔΕΣΜΕΥΣΗ ΓΙΑ ΚΑΠΟΙΑ ΜΕΙΩΣΗ ΤΟΥ ΤΕΡΑΣΤΙΟΥ ΠΕΡΙΣΣΕΥΜΑΤΟΣ

ΑΘΗΝΑ, 16.— Οπως άνακοινώθηκε χθές, ή κυβέρνηση προωθεί τη μελέτη των μέτρων πού άφορούν τόν προϋπολογισμό καί τις δαπάνες τών τομέων τής δημόσιας διοικήσεως, ένώ οι άρμόδιοι υπουργοί ένημέρωσαν τη Βουλή γιά τις έπιμέρους προβλέψεις καί τις έξελίξεις τού θέματος.

ΑΘΗΝΑ, 16.— Οπως άνακοινώθηκε χθές, ή κυβέρνηση προωθεί τη μελέτη των μέτρων πού άφορούν τόν προϋπολογισμό καί τις δαπάνες τών τομέων τής δημόσιας διοικήσεως, ένώ οι άρμόδιοι υπουργοί ένημέρωσαν τη Βουλή γιά τις έπιμέρους προβλέψεις καί τις έξελίξεις τού θέματος.

ΑΘΗΝΑ, 16.— Οπως άνακοινώθηκε χθές, ή κυβέρνηση προωθεί τη μελέτη των μέτρων πού άφορούν τόν προϋπολογισμό καί τις δαπάνες τών τομέων τής δημόσιας διοικήσεως, ένώ οι άρμόδιοι υπουργοί ένημέρωσαν τη Βουλή γιά τις έπιμέρους προβλέψεις καί τις έξελίξεις τού θέματος.

ΑΘΗΝΑ, 16.— Οπως άνακοινώθηκε χθές, ή κυβέρνηση προωθεί τη μελέτη των μέτρων πού άφορούν τόν προϋπολογισμό καί τις δαπάνες τών τομέων τής δημόσιας διοικήσεως, ένώ οι άρμόδιοι υπουργοί ένημέρωσαν τη Βουλή γιά τις έπιμέρους προβλέψεις καί τις έξελίξεις τού θέματος.

ΟΥΡΕΣ ΚΑΝΟΥΝ ΕΞΩ ΑΠΟ ΤΑ ΝΟΣΟΚΟΜΕΙΑ ΝΕΑΠΟΛΕΩΣ ΓΙΑ ΝΑ ΕΞΑΣΦΑΛΙΣΟΥΝ ΞΑΝΑ ΤΑ ΚΡΕΒΑΤΙΑ ΤΟΥΣ ΟΙ ΑΣΘΕΝΕΙΣ ΠΟΥ ΕΙΧΑΝ ΑΠΟΧΩΡΗΣΕΙ ΛΟΓΩ ΑΠΕΡΓΙΑΣ

ΑΘΗΝΑ, 16.— Οπως άνακοινώθηκε χθές, ή κυβέρνηση προωθεί τη μελέτη των μέτρων πού άφορούν τόν προϋπολογισμό καί τις δαπάνες τών τομέων τής δημόσιας διοικήσεως, ένώ οι άρμόδιοι υπουργοί ένημέρωσαν τη Βουλή γιά τις έπιμέρους προβλέψεις καί τις έξελίξεις τού θέματος.

ΑΘΗΝΑ, 16.— Οπως άνακοινώθηκε χθές, ή κυβέρνηση προωθεί τη μελέτη των μέτρων πού άφορούν τόν προϋπολογισμό καί τις δαπάνες τών τομέων τής δημόσιας διοικήσεως, ένώ οι άρμόδιοι υπουργοί ένημέρωσαν τη Βουλή γιά τις έπιμέρους προβλέψεις καί τις έξελίξεις τού θέματος.

ΑΘΗΝΑ, 16.— Οπως άνακοινώθηκε χθές, ή κυβέρνηση προωθεί τη μελέτη των μέτρων πού άφορούν τόν προϋπολογισμό καί τις δαπάνες τών τομέων τής δημόσιας διοικήσεως, ένώ οι άρμόδιοι υπουργοί ένημέρωσαν τη Βουλή γιά τις έπιμέρους προβλέψεις καί τις έξελίξεις τού θέματος.

ΑΘΗΝΑ, 16.— Οπως άνακοινώθηκε χθές, ή κυβέρνηση προωθεί τη μελέτη των μέτρων πού άφορούν τόν προϋπολογισμό καί τις δαπάνες τών τομέων τής δημόσιας διοικήσεως, ένώ οι άρμόδιοι υπουργοί ένημέρωσαν τη Βουλή γιά τις έπιμέρους προβλέψεις καί τις έξελίξεις τού θέματος.

ΠΥΡΑΥΛΟΣ «ΤΡΙΑΙΝΑ» ΤΟΥ ΑΜΕΡΙΚΑΝΙΚΟΥ ΝΑΥΤΙΚΟΥ ΕΞΕΡΡΑΓΗ ΛΙΓΑ ΛΕΠΤΑ ΜΕΤΑ ΑΠΟ ΔΟΚΙΜΑΣΤΙΚΗ ΠΤΗΣΗ ΕΧΕΙ ΣΧΕΔΙΑΣΘΕΙ ΓΙΑ ΤΟΝ ΕΞΟΠΛΙΣΜΟ ΤΩΝ ΥΠΟΒΡΥΧΙΩΝ

ΑΘΗΝΑ, 16.— Οπως άνακοινώθηκε χθές, ή κυβέρνηση προωθεί τη μελέτη των μέτρων πού άφορούν τόν προϋπολογισμό καί τις δαπάνες τών τομέων τής δημόσιας διοικήσεως, ένώ οι άρμόδιοι υπουργοί ένημέρωσαν τη Βουλή γιά τις έπιμέρους προβλέψεις καί τις έξελίξεις τού θέματος.

ΑΘΗΝΑ, 16.— Οπως άνακοινώθηκε χθές, ή κυβέρνηση προωθεί τη μελέτη των μέτρων πού άφορούν τόν προϋπολογισμό καί τις δαπάνες τών τομέων τής δημόσιας διοικήσεως, ένώ οι άρμόδιοι υπουργοί ένημέρωσαν τη Βουλή γιά τις έπιμέρους προβλέψεις καί τις έξελίξεις τού θέματος.

ΑΘΗΝΑ, 16.— Οπως άνακοινώθηκε χθές, ή κυβέρνηση προωθεί τη μελέτη των μέτρων πού άφορούν τόν προϋπολογισμό καί τις δαπάνες τών τομέων τής δημόσιας διοικήσεως, ένώ οι άρμόδιοι υπουργοί ένημέρωσαν τη Βουλή γιά τις έπιμέρους προβλέψεις καί τις έξελίξεις τού θέματος.

ΑΘΗΝΑ, 16.— Οπως άνακοινώθηκε χθές, ή κυβέρνηση προωθεί τη μελέτη των μέτρων πού άφορούν τόν προϋπολογισμό καί τις δαπάνες τών τομέων τής δημόσιας διοικήσεως, ένώ οι άρμόδιοι υπουργοί ένημέρωσαν τη Βουλή γιά τις έπιμέρους προβλέψεις καί τις έξελίξεις τού θέματος.

ΔΙΚΑΣΤΗΣ ΑΠΑΛΛΑΞΕ ΜΕΘΥΣΜΕΝΟ ΑΜΕΡΙΚΑΝΟ ΟΔΗΓΟ ΓΙΑΤΙ ΕΙΣ ΤΕΤΟΙΑ ΜΕΘΥΣΗ ΠΟΥ ΔΕΝ ΜΠΟΡΟΥΣΕ ΝΑ ΔΩΣΕΙ ΣΥΓΚΑΤΑΘΕΣΗ ΓΙΑ ΤΟ ΠΡΟΑΙΡΕΤΙΚΟ «ΤΕΣΤ»

ΑΘΗΝΑ, 16.— Οπως άνακοινώθηκε χθές, ή κυβέρνηση προωθεί τη μελέτη των μέτρων πού άφορούν τόν προϋπολογισμό καί τις δαπάνες τών τομέων τής δημόσιας διοικήσεως, ένώ οι άρμόδιοι υπουργοί ένημέρωσαν τη Βουλή γιά τις έπιμέρους προβλέψεις καί τις έξελίξεις τού θέματος.

ΑΘΗΝΑ, 16.— Οπως άνακοινώθηκε χθές, ή κυβέρνηση προωθεί τη μελέτη των μέτρων πού άφορούν τόν προϋπολογισμό καί τις δαπάνες τών τομέων τής δημόσιας διοικήσεως, ένώ οι άρμόδιοι υπουργοί ένημέρωσαν τη Βουλή γιά τις έπιμέρους προβλέψεις καί τις έξελίξεις τού θέματος.

ΝΑ ΜΗ ΠΑΡΟΥΣΙΑΖΟΝΤΑΙ ΣΤΗΝ ΤΗΛΕΟΡΑΣΗ ΥΠΟΔΙΚΟΙ Η ΣΥΝΔΟΣ

ΑΘΗΝΑ, 16.— Οπως άνακοινώθηκε χθές, ή κυβέρνηση προωθεί τη μελέτη των μέτρων πού άφορούν τόν προϋπολογισμό καί τις δαπάνες τών τομέων τής δημόσιας διοικήσεως, ένώ οι άρμόδιοι υπουργοί ένημέρωσαν τη Βουλή γιά τις έπιμέρους προβλέψεις καί τις έξελίξεις τού θέματος.

ΕΚΛΕΨΑΝ ΑΠΟ ΓΕΡΟΝΤΑ 24.000 ΔΡΑΧΜΕΣ

ΑΘΗΝΑ, 16.— Οπως άνακοινώθηκε χθές, ή κυβέρνηση προωθεί τη μελέτη των μέτρων πού άφορούν τόν προϋπολογισμό καί τις δαπάνες τών τομέων τής δημόσιας διοικήσεως, ένώ οι άρμόδιοι υπουργοί ένημέρωσαν τη Βουλή γιά τις έπιμέρους προβλέψεις καί τις έξελίξεις τού θέματος.
